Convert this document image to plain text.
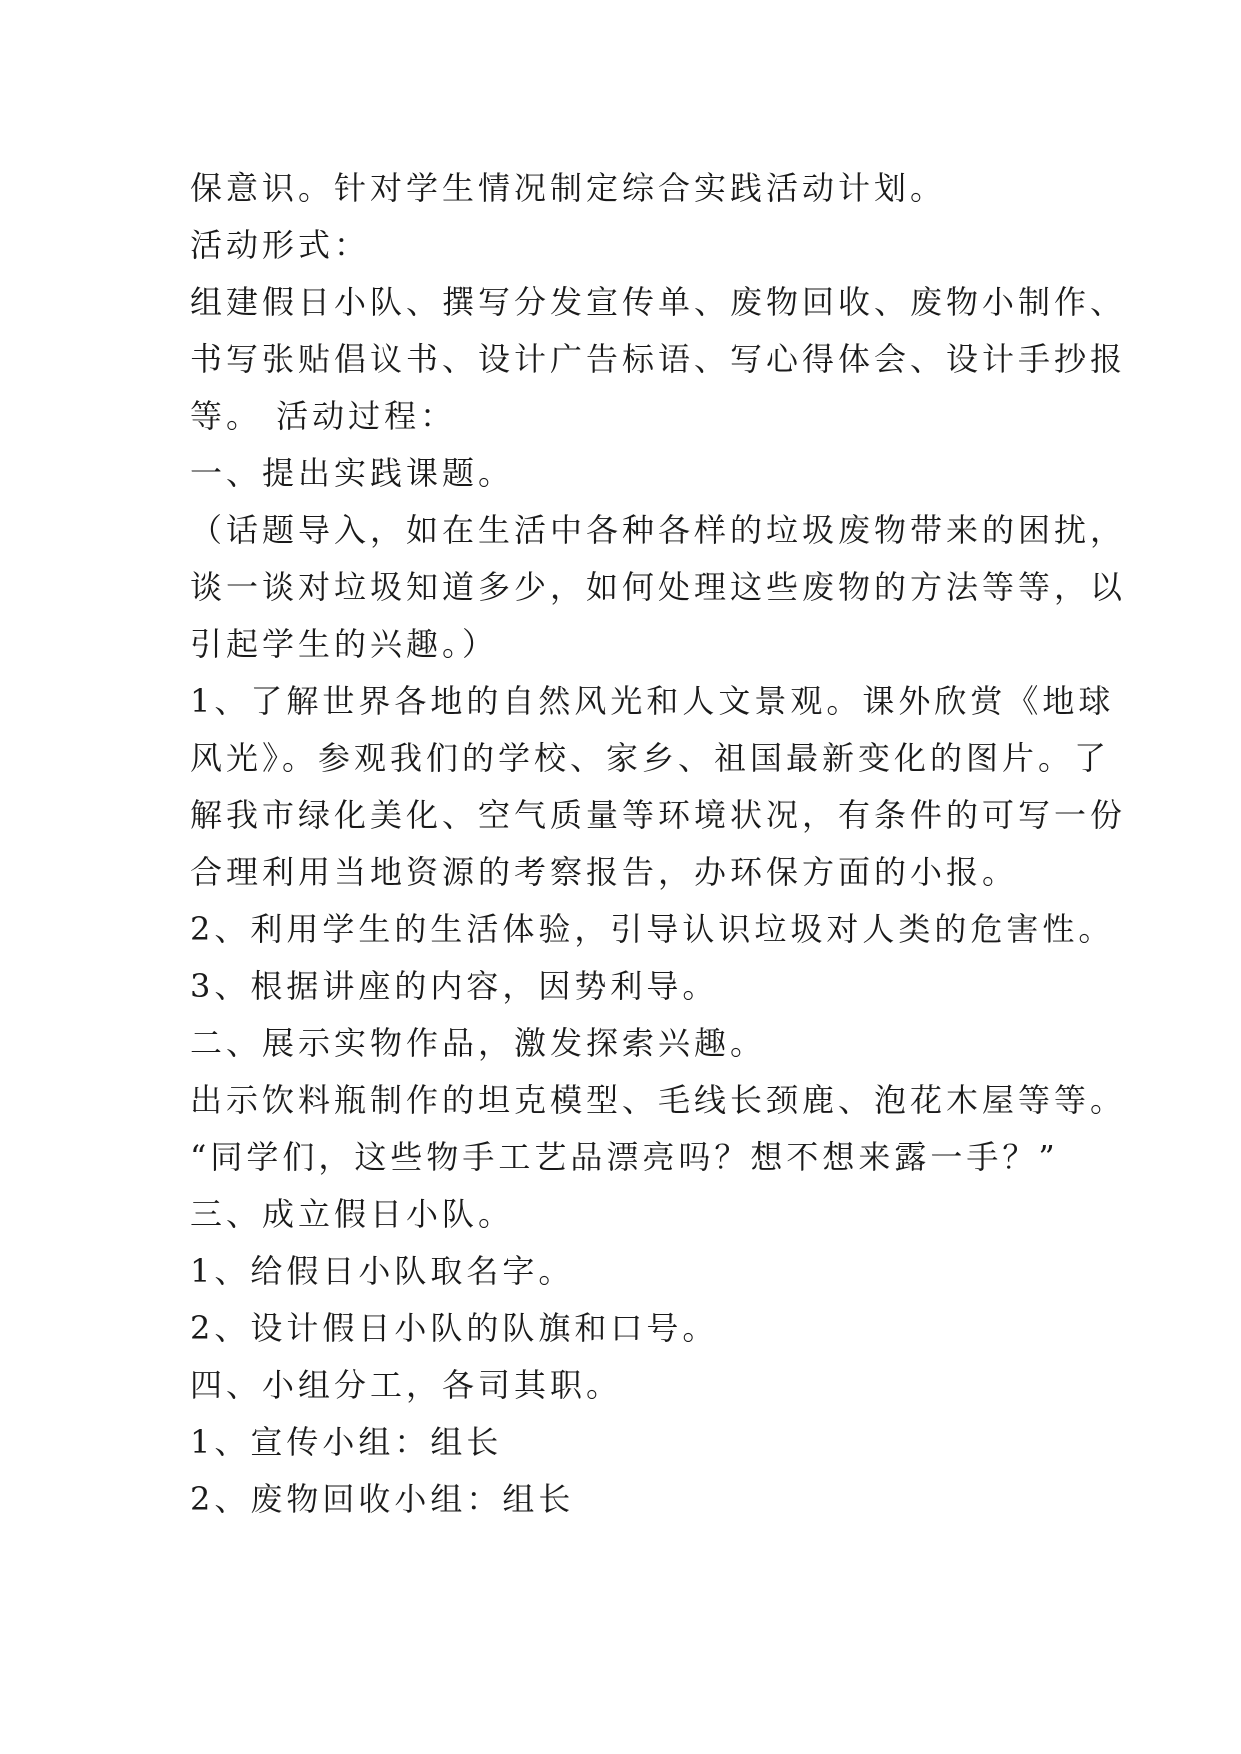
保意识。针对学生情况制定综合实践活动计划。
活动形式：
组建假日小队、撰写分发宣传单、废物回收、废物小制作、
书写张贴倡议书、设计广告标语、写心得体会、设计手抄报
等。 活动过程：
一、提出实践课题。
（话题导入，如在生活中各种各样的垃圾废物带来的困扰，
谈一谈对垃圾知道多少，如何处理这些废物的方法等等，以
引起学生的兴趣。）
1、了解世界各地的自然风光和人文景观。课外欣赏《地球
风光》。参观我们的学校、家乡、祖国最新变化的图片。了
解我市绿化美化、空气质量等环境状况，有条件的可写一份
合理利用当地资源的考察报告，办环保方面的小报。
2、利用学生的生活体验，引导认识垃圾对人类的危害性。
3、根据讲座的内容，因势利导。
二、展示实物作品，激发探索兴趣。
出示饮料瓶制作的坦克模型、毛线长颈鹿、泡花木屋等等。
“同学们，这些物手工艺品漂亮吗？想不想来露一手？”
三、成立假日小队。
1、给假日小队取名字。
2、设计假日小队的队旗和口号。
四、小组分工，各司其职。
1、宣传小组：组长
2、废物回收小组：组长
